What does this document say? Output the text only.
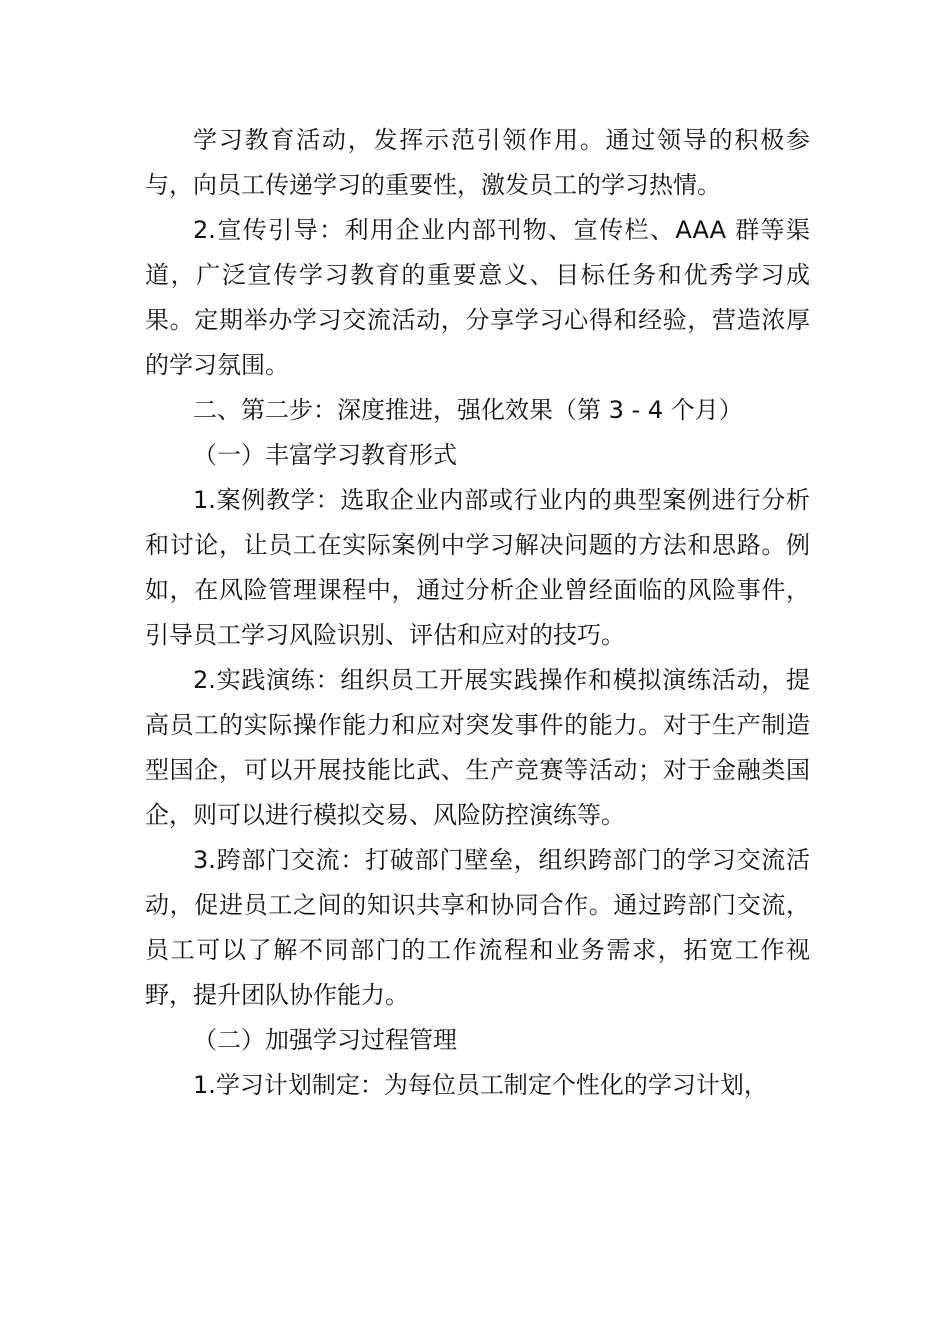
学习教育活动，发挥示范引领作用。通过领导的积极参与，向员工传递学习的重要性，激发员工的学习热情。

2.宣传引导：利用企业内部刊物、宣传栏、AAA 群等渠道，广泛宣传学习教育的重要意义、目标任务和优秀学习成果。定期举办学习交流活动，分享学习心得和经验，营造浓厚的学习氛围。

二、第二步：深度推进，强化效果（第 3 - 4 个月）

（一）丰富学习教育形式

1.案例教学：选取企业内部或行业内的典型案例进行分析和讨论，让员工在实际案例中学习解决问题的方法和思路。例如，在风险管理课程中，通过分析企业曾经面临的风险事件，引导员工学习风险识别、评估和应对的技巧。

2.实践演练：组织员工开展实践操作和模拟演练活动，提高员工的实际操作能力和应对突发事件的能力。对于生产制造型国企，可以开展技能比武、生产竞赛等活动；对于金融类国企，则可以进行模拟交易、风险防控演练等。

3.跨部门交流：打破部门壁垒，组织跨部门的学习交流活动，促进员工之间的知识共享和协同合作。通过跨部门交流，员工可以了解不同部门的工作流程和业务需求，拓宽工作视野，提升团队协作能力。

（二）加强学习过程管理

1.学习计划制定：为每位员工制定个性化的学习计划，
